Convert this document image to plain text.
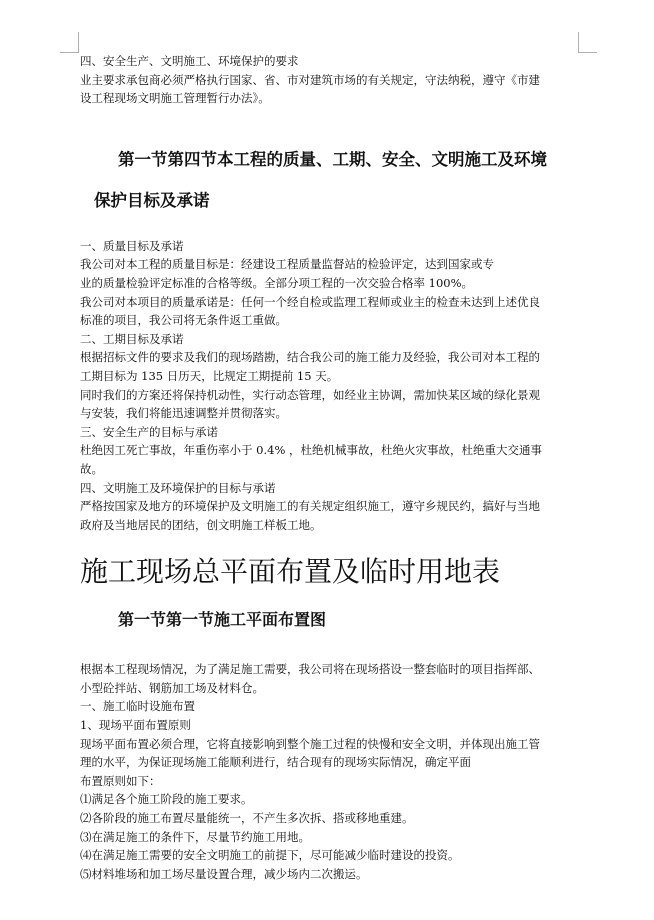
四、安全生产、文明施工、环境保护的要求

业主要求承包商必须严格执行国家、省、市对建筑市场的有关规定，守法纳税，遵守《市建

设工程现场文明施工管理暂行办法》。

第一节第四节本工程的质量、工期、安全、文明施工及环境
保护目标及承诺

一、质量目标及承诺

我公司对本工程的质量目标是：经建设工程质量监督站的检验评定，达到国家或专

业的质量检验评定标准的合格等级。全部分项工程的一次交验合格率 100%。

我公司对本项目的质量承诺是：任何一个经自检或监理工程师或业主的检查未达到上述优良

标准的项目，我公司将无条件返工重做。

二、工期目标及承诺

根据招标文件的要求及我们的现场踏勘，结合我公司的施工能力及经验，我公司对本工程的

工期目标为 135 日历天，比规定工期提前 15 天。

同时我们的方案还将保持机动性，实行动态管理，如经业主协调，需加快某区域的绿化景观

与安装，我们将能迅速调整并贯彻落实。

三、安全生产的目标与承诺

杜绝因工死亡事故，年重伤率小于 0.4% ，杜绝机械事故，杜绝火灾事故，杜绝重大交通事

故。

四、文明施工及环境保护的目标与承诺

严格按国家及地方的环境保护及文明施工的有关规定组织施工，遵守乡规民约，搞好与当地

政府及当地居民的团结，创文明施工样板工地。

施工现场总平面布置及临时用地表
第一节第一节施工平面布置图

根据本工程现场情况，为了满足施工需要，我公司将在现场搭设一整套临时的项目指挥部、

小型砼拌站、钢筋加工场及材料仓。

一、施工临时设施布置

1、现场平面布置原则

现场平面布置必须合理，它将直接影响到整个施工过程的快慢和安全文明，并体现出施工管

理的水平，为保证现场施工能顺利进行，结合现有的现场实际情况，确定平面

布置原则如下：

⑴满足各个施工阶段的施工要求。

⑵各阶段的施工布置尽量能统一，不产生多次拆、搭或移地重建。

⑶在满足施工的条件下，尽量节约施工用地。

⑷在满足施工需要的安全文明施工的前提下，尽可能减少临时建设的投资。

⑸材料堆场和加工场尽量设置合理，减少场内二次搬运。
